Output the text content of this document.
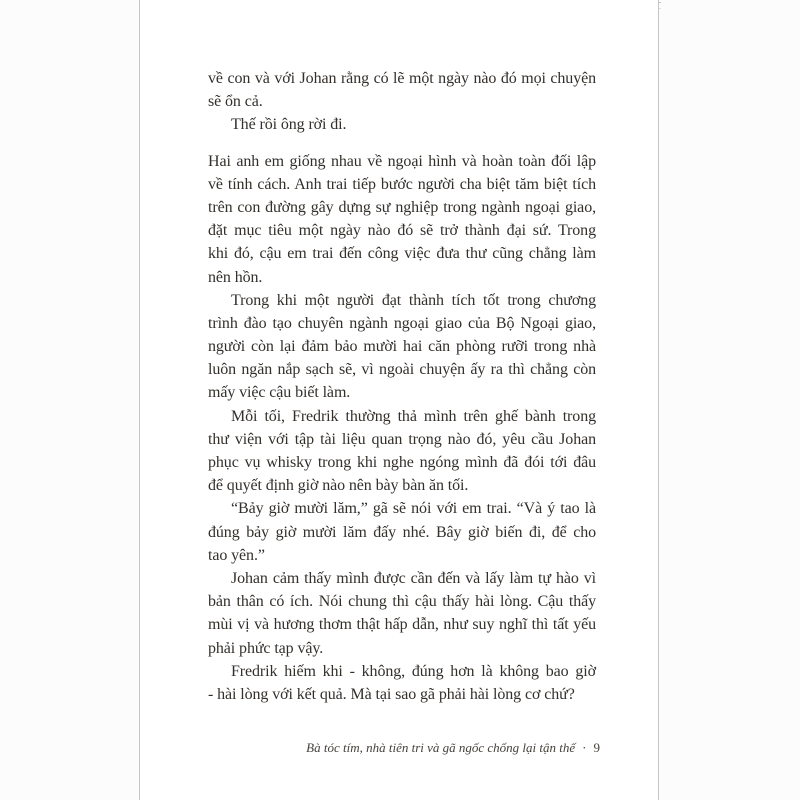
về con và với Johan rằng có lẽ một ngày nào đó mọi chuyện
sẽ ổn cả.
Thế rồi ông rời đi.
Hai anh em giống nhau về ngoại hình và hoàn toàn đối lập
về tính cách. Anh trai tiếp bước người cha biệt tăm biệt tích
trên con đường gây dựng sự nghiệp trong ngành ngoại giao,
đặt mục tiêu một ngày nào đó sẽ trở thành đại sứ. Trong
khi đó, cậu em trai đến công việc đưa thư cũng chẳng làm
nên hồn.
Trong khi một người đạt thành tích tốt trong chương
trình đào tạo chuyên ngành ngoại giao của Bộ Ngoại giao,
người còn lại đảm bảo mười hai căn phòng rưỡi trong nhà
luôn ngăn nắp sạch sẽ, vì ngoài chuyện ấy ra thì chẳng còn
mấy việc cậu biết làm.
Mỗi tối, Fredrik thường thả mình trên ghế bành trong
thư viện với tập tài liệu quan trọng nào đó, yêu cầu Johan
phục vụ whisky trong khi nghe ngóng mình đã đói tới đâu
để quyết định giờ nào nên bày bàn ăn tối.
“Bảy giờ mười lăm,” gã sẽ nói với em trai. “Và ý tao là
đúng bảy giờ mười lăm đấy nhé. Bây giờ biến đi, để cho
tao yên.”
Johan cảm thấy mình được cần đến và lấy làm tự hào vì
bản thân có ích. Nói chung thì cậu thấy hài lòng. Cậu thấy
mùi vị và hương thơm thật hấp dẫn, như suy nghĩ thì tất yếu
phải phức tạp vậy.
Fredrik hiếm khi - không, đúng hơn là không bao giờ
- hài lòng với kết quả. Mà tại sao gã phải hài lòng cơ chứ?
Bà tóc tím, nhà tiên tri và gã ngốc chống lại tận thế · 9
